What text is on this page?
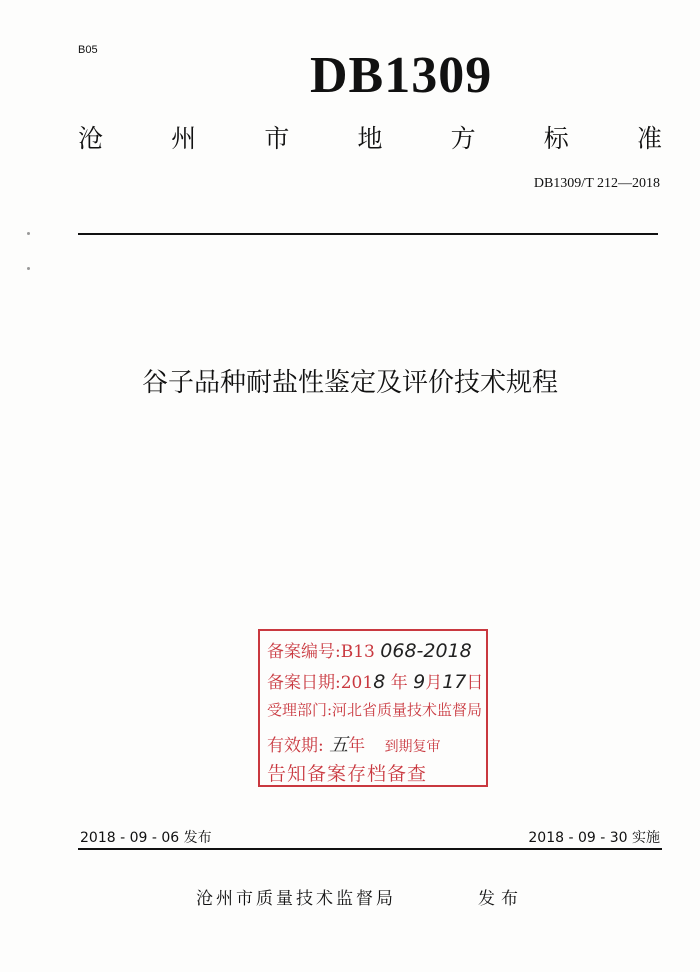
B05	DB1309
沧	州	市	地	方	标	准
DB1309/T 212—2018
谷子品种耐盐性鉴定及评价技术规程
备案编号:B13 068-2018
备案日期:2018 年 9月17日
受理部门:河北省质量技术监督局
有效期: 五年 到期复审
告知备案存档备查
2018 - 09 - 06 发布	2018 - 09 - 30 实施
沧州市质量技术监督局	发布
